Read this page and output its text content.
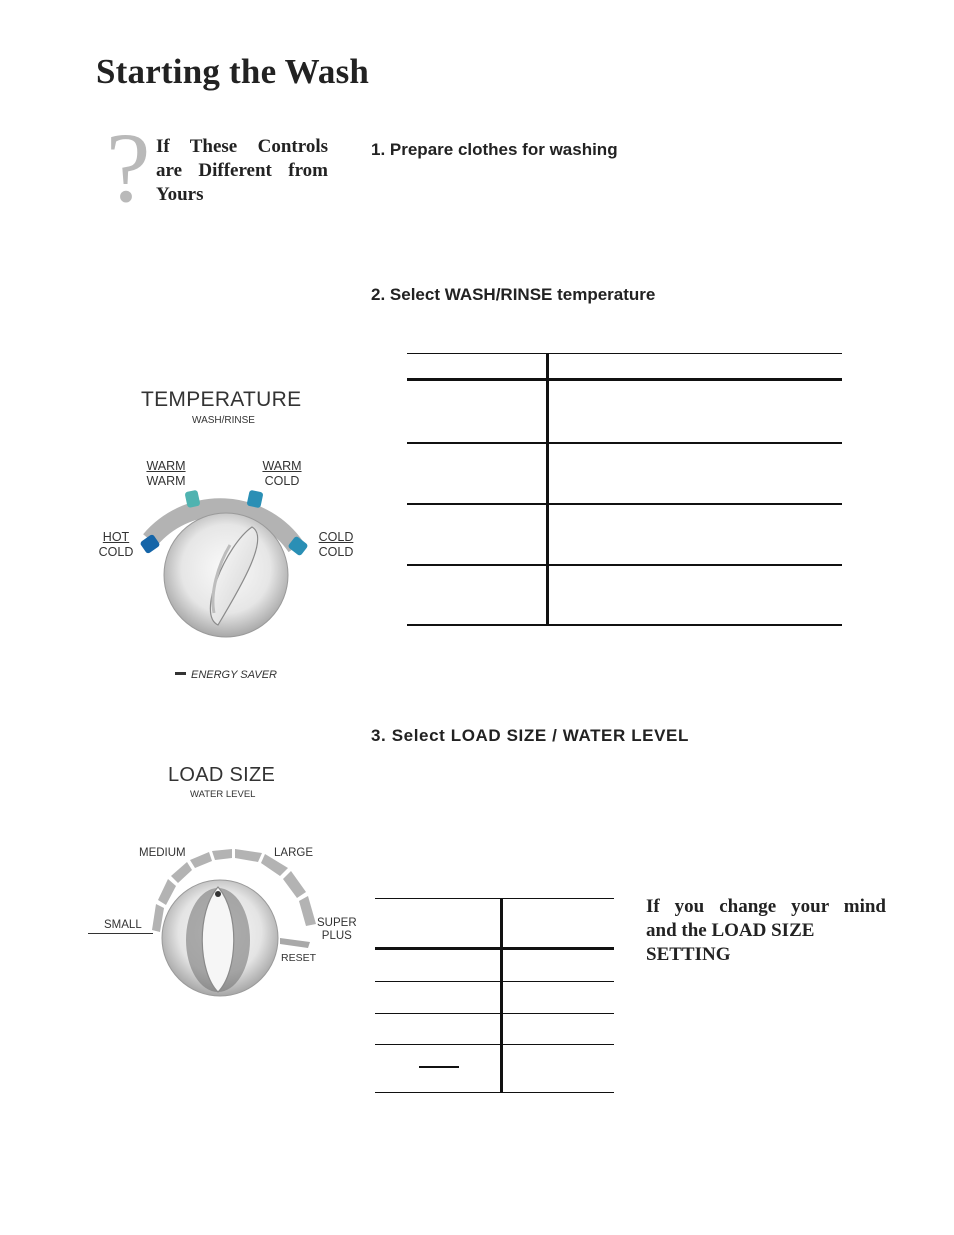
Starting the Wash
? If These Controls
are Different from
Yours
1. Prepare clothes for washing
2. Select WASH/RINSE temperature
3. Select LOAD SIZE / WATER LEVEL
TEMPERATURE
WASH/RINSE
WARM
WARM
WARM
COLD
HOT
COLD
COLD
COLD
ENERGY SAVER
LOAD SIZE
WATER LEVEL
MEDIUM	LARGE
SMALL	SUPER
PLUS
RESET
If you change your mind
and the LOAD SIZE
SETTING
